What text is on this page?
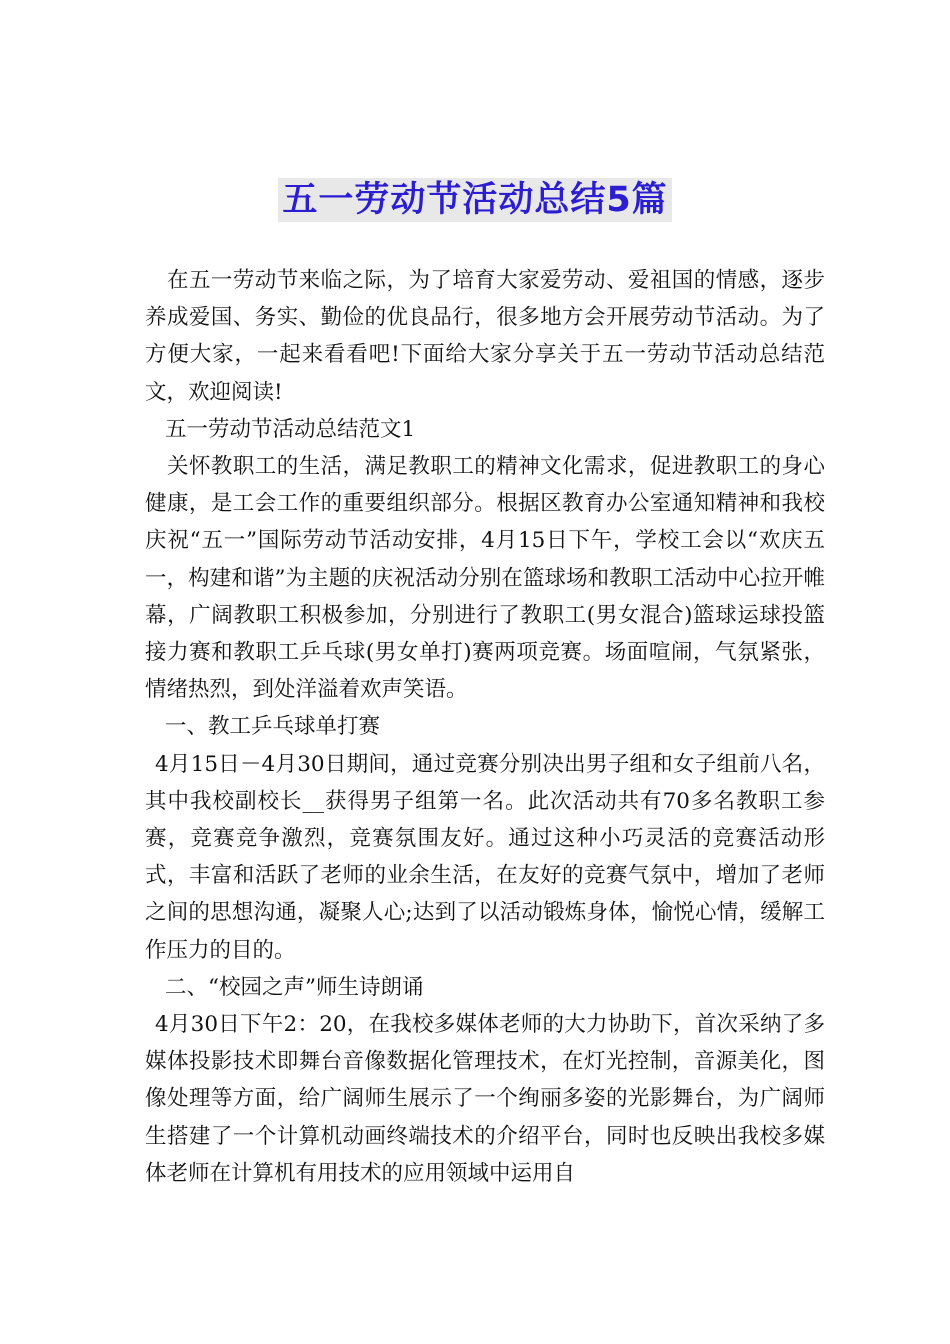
五一劳动节活动总结5篇

在五一劳动节来临之际，为了培育大家爱劳动、爱祖国的情感，逐步养成爱国、务实、勤俭的优良品行，很多地方会开展劳动节活动。为了方便大家，一起来看看吧!下面给大家分享关于五一劳动节活动总结范文，欢迎阅读!

五一劳动节活动总结范文1

关怀教职工的生活，满足教职工的精神文化需求，促进教职工的身心健康，是工会工作的重要组织部分。根据区教育办公室通知精神和我校庆祝“五一”国际劳动节活动安排，4月15日下午，学校工会以“欢庆五一，构建和谐”为主题的庆祝活动分别在篮球场和教职工活动中心拉开帷幕，广阔教职工积极参加，分别进行了教职工(男女混合)篮球运球投篮接力赛和教职工乒乓球(男女单打)赛两项竞赛。场面喧闹，气氛紧张，情绪热烈，到处洋溢着欢声笑语。

一、教工乒乓球单打赛

4月15日－4月30日期间，通过竞赛分别决出男子组和女子组前八名，其中我校副校长__获得男子组第一名。此次活动共有70多名教职工参赛，竞赛竞争激烈，竞赛氛围友好。通过这种小巧灵活的竞赛活动形式，丰富和活跃了老师的业余生活，在友好的竞赛气氛中，增加了老师之间的思想沟通，凝聚人心;达到了以活动锻炼身体，愉悦心情，缓解工作压力的目的。

二、“校园之声”师生诗朗诵

4月30日下午2：20，在我校多媒体老师的大力协助下，首次采纳了多媒体投影技术即舞台音像数据化管理技术，在灯光控制，音源美化，图像处理等方面，给广阔师生展示了一个绚丽多姿的光影舞台，为广阔师生搭建了一个计算机动画终端技术的介绍平台，同时也反映出我校多媒体老师在计算机有用技术的应用领域中运用自
